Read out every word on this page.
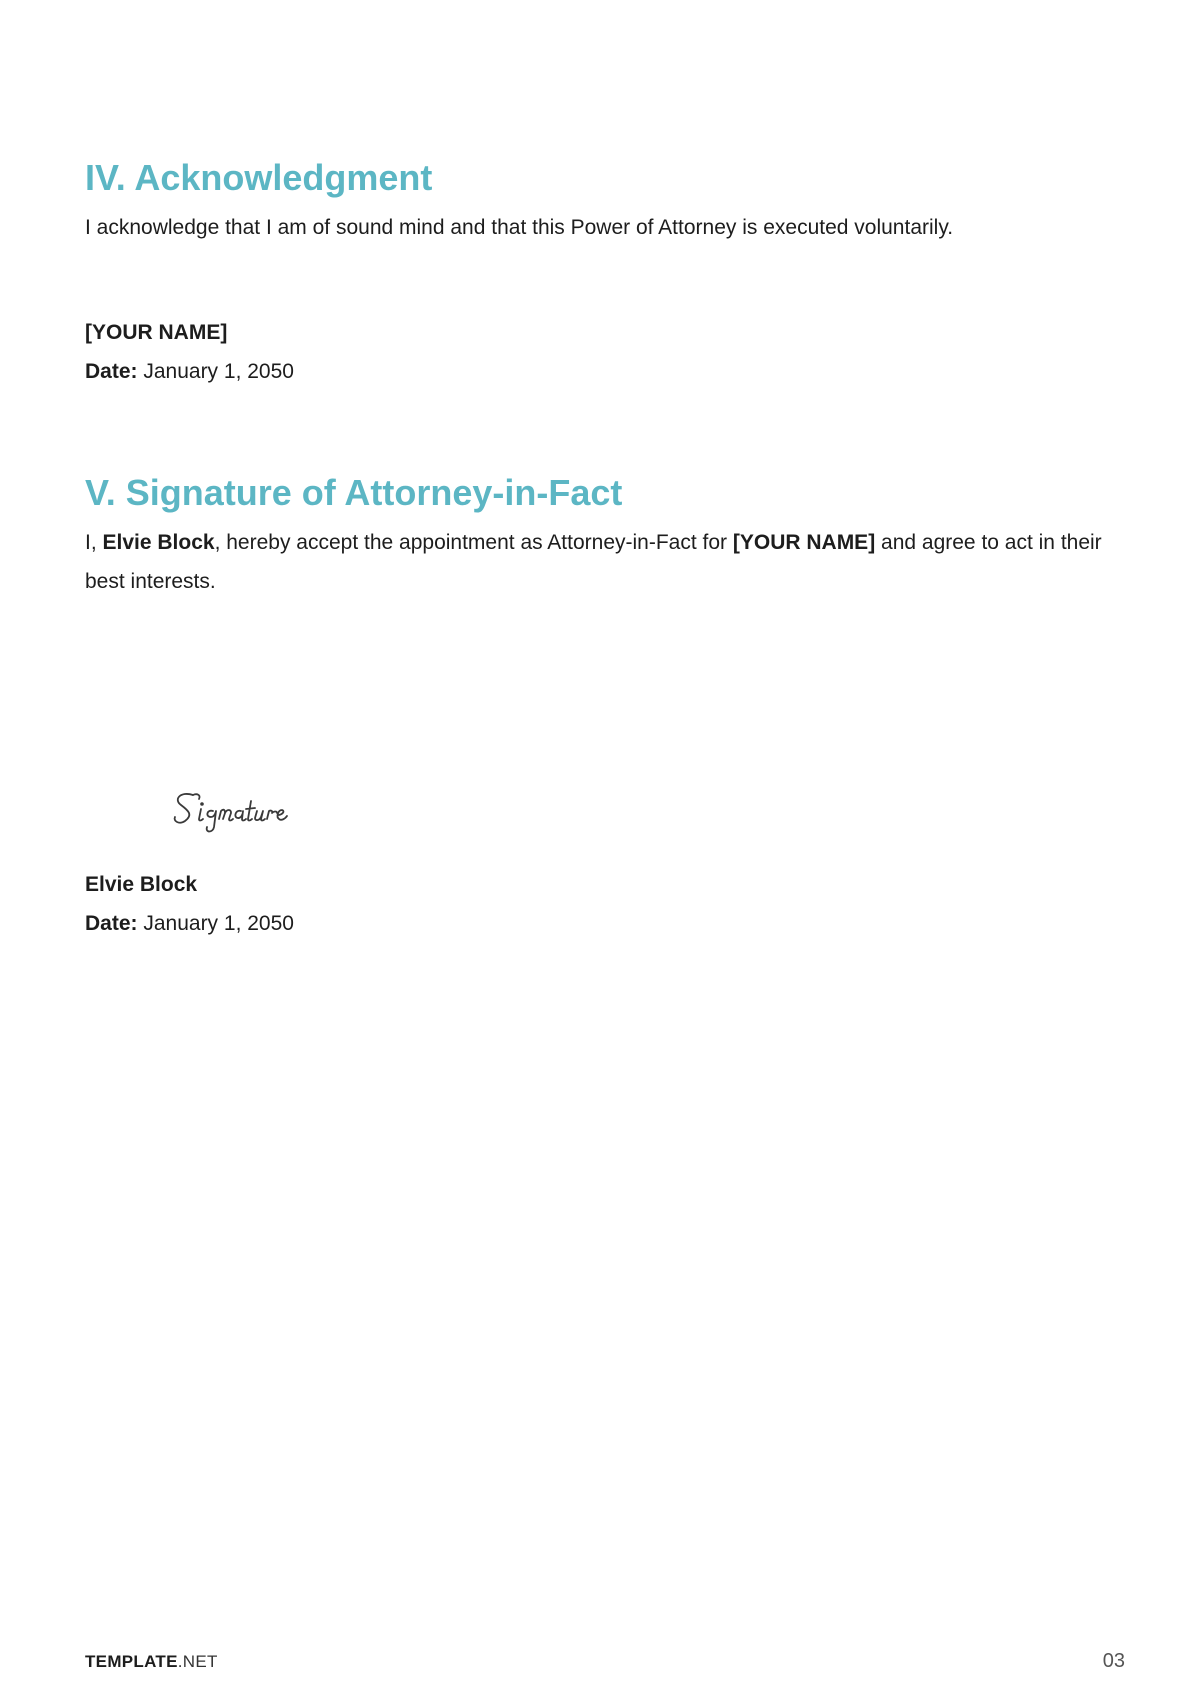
IV. Acknowledgment

I acknowledge that I am of sound mind and that this Power of Attorney is executed voluntarily.

[YOUR NAME]

Date: January 1, 2050

V. Signature of Attorney-in-Fact

I, Elvie Block, hereby accept the appointment as Attorney-in-Fact for [YOUR NAME] and agree to act in their best interests.

Elvie Block

Date: January 1, 2050

TEMPLATE.NET	03
